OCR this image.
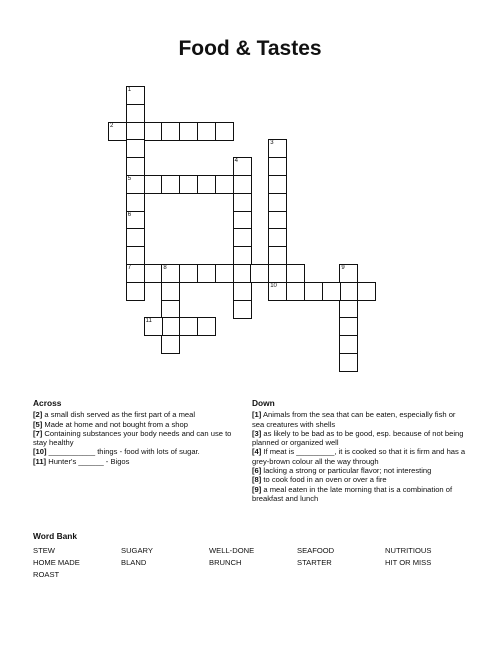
Food & Tastes
1
5
2
3
10
4
6
7	8	9
11
Across
[2] a small dish served as the first part of a meal
[5] Made at home and not bought from a shop
[7] Containing substances your body needs and can use to stay healthy
[10] ___________ things - food with lots of sugar.
[11] Hunter's ______ - Bigos
Down
[1] Animals from the sea that can be eaten, especially fish or sea creatures with shells
[3] as likely to be bad as to be good, esp. because of not being planned or organized well
[4] If meat is _________, it is cooked so that it is firm and has a grey-brown colour all the way through
[6] lacking a strong or particular flavor; not interesting
[8] to cook food in an oven or over a fire
[9] a meal eaten in the late morning that is a combination of breakfast and lunch
Word Bank
STEW	SUGARY	WELL-DONE	SEAFOOD	NUTRITIOUS
HOME MADE	BLAND	BRUNCH	STARTER	HIT OR MISS
ROAST
